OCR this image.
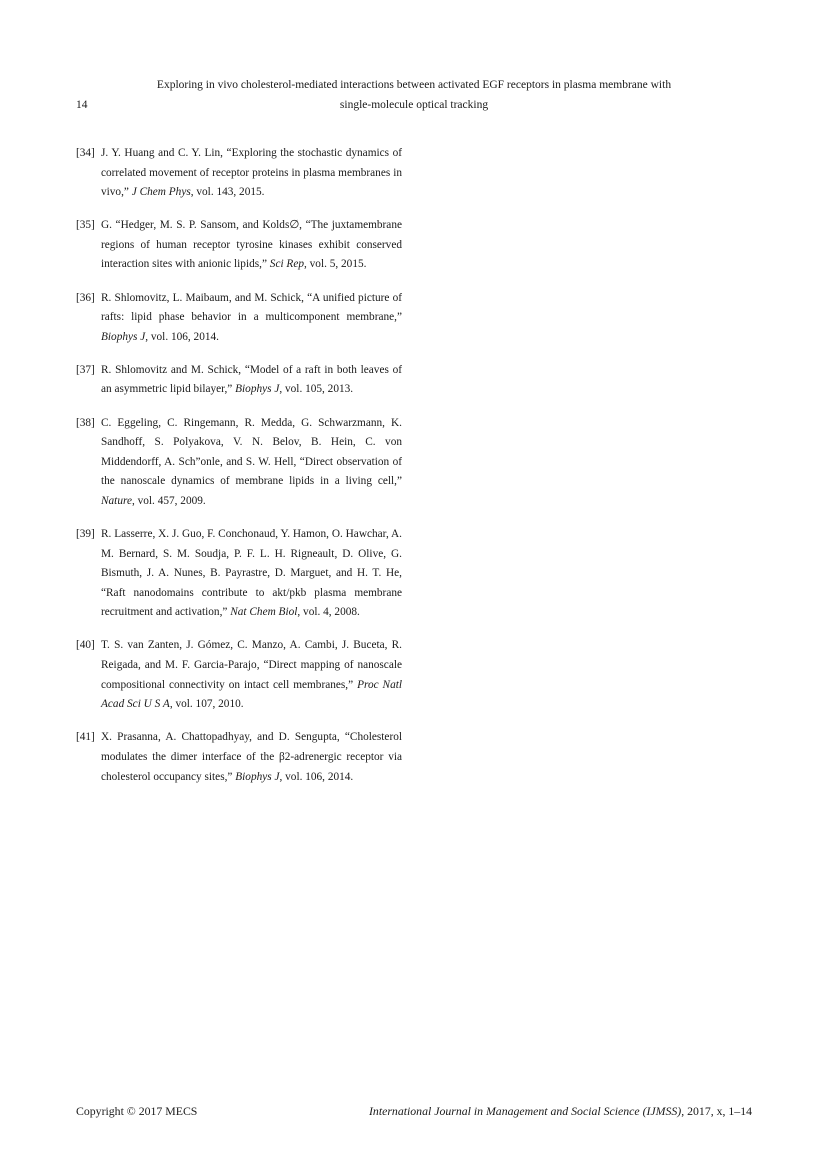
Exploring in vivo cholesterol-mediated interactions between activated EGF receptors in plasma membrane with
single-molecule optical tracking
14
[34] J. Y. Huang and C. Y. Lin, “Exploring the stochastic dynamics of correlated movement of receptor proteins in plasma membranes in vivo,” J Chem Phys, vol. 143, 2015.
[35] G. “Hedger, M. S. P. Sansom, and Kolds∅, “The juxtamembrane regions of human receptor tyrosine kinases exhibit conserved interaction sites with anionic lipids,” Sci Rep, vol. 5, 2015.
[36] R. Shlomovitz, L. Maibaum, and M. Schick, “A unified picture of rafts: lipid phase behavior in a multicomponent membrane,” Biophys J, vol. 106, 2014.
[37] R. Shlomovitz and M. Schick, “Model of a raft in both leaves of an asymmetric lipid bilayer,” Biophys J, vol. 105, 2013.
[38] C. Eggeling, C. Ringemann, R. Medda, G. Schwarzmann, K. Sandhoff, S. Polyakova, V. N. Belov, B. Hein, C. von Middendorff, A. Sch”onle, and S. W. Hell, “Direct observation of the nanoscale dynamics of membrane lipids in a living cell,” Nature, vol. 457, 2009.
[39] R. Lasserre, X. J. Guo, F. Conchonaud, Y. Hamon, O. Hawchar, A. M. Bernard, S. M. Soudja, P. F. L. H. Rigneault, D. Olive, G. Bismuth, J. A. Nunes, B. Payrastre, D. Marguet, and H. T. He, “Raft nanodomains contribute to akt/pkb plasma membrane recruitment and activation,” Nat Chem Biol, vol. 4, 2008.
[40] T. S. van Zanten, J. Gómez, C. Manzo, A. Cambi, J. Buceta, R. Reigada, and M. F. Garcia-Parajo, “Direct mapping of nanoscale compositional connectivity on intact cell membranes,” Proc Natl Acad Sci U S A, vol. 107, 2010.
[41] X. Prasanna, A. Chattopadhyay, and D. Sengupta, “Cholesterol modulates the dimer interface of the β2-adrenergic receptor via cholesterol occupancy sites,” Biophys J, vol. 106, 2014.
Copyright © 2017 MECS	International Journal in Management and Social Science (IJMSS), 2017, x, 1–14
